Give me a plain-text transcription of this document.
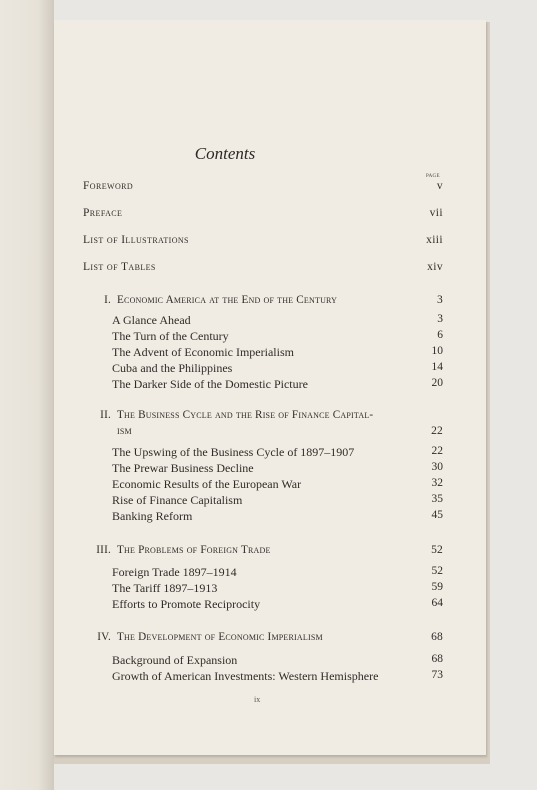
Contents
PAGE
Foreword	v
Preface	vii
List of Illustrations	xiii
List of Tables	xiv
I. Economic America at the End of the Century	3
A Glance Ahead	3
The Turn of the Century	6
The Advent of Economic Imperialism	10
Cuba and the Philippines	14
The Darker Side of the Domestic Picture	20
II. The Business Cycle and the Rise of Finance Capital-
ism	22
The Upswing of the Business Cycle of 1897–1907	22
The Prewar Business Decline	30
Economic Results of the European War	32
Rise of Finance Capitalism	35
Banking Reform	45
III. The Problems of Foreign Trade	52
Foreign Trade 1897–1914	52
The Tariff 1897–1913	59
Efforts to Promote Reciprocity	64
IV. The Development of Economic Imperialism	68
Background of Expansion	68
Growth of American Investments: Western Hemisphere	73
ix
